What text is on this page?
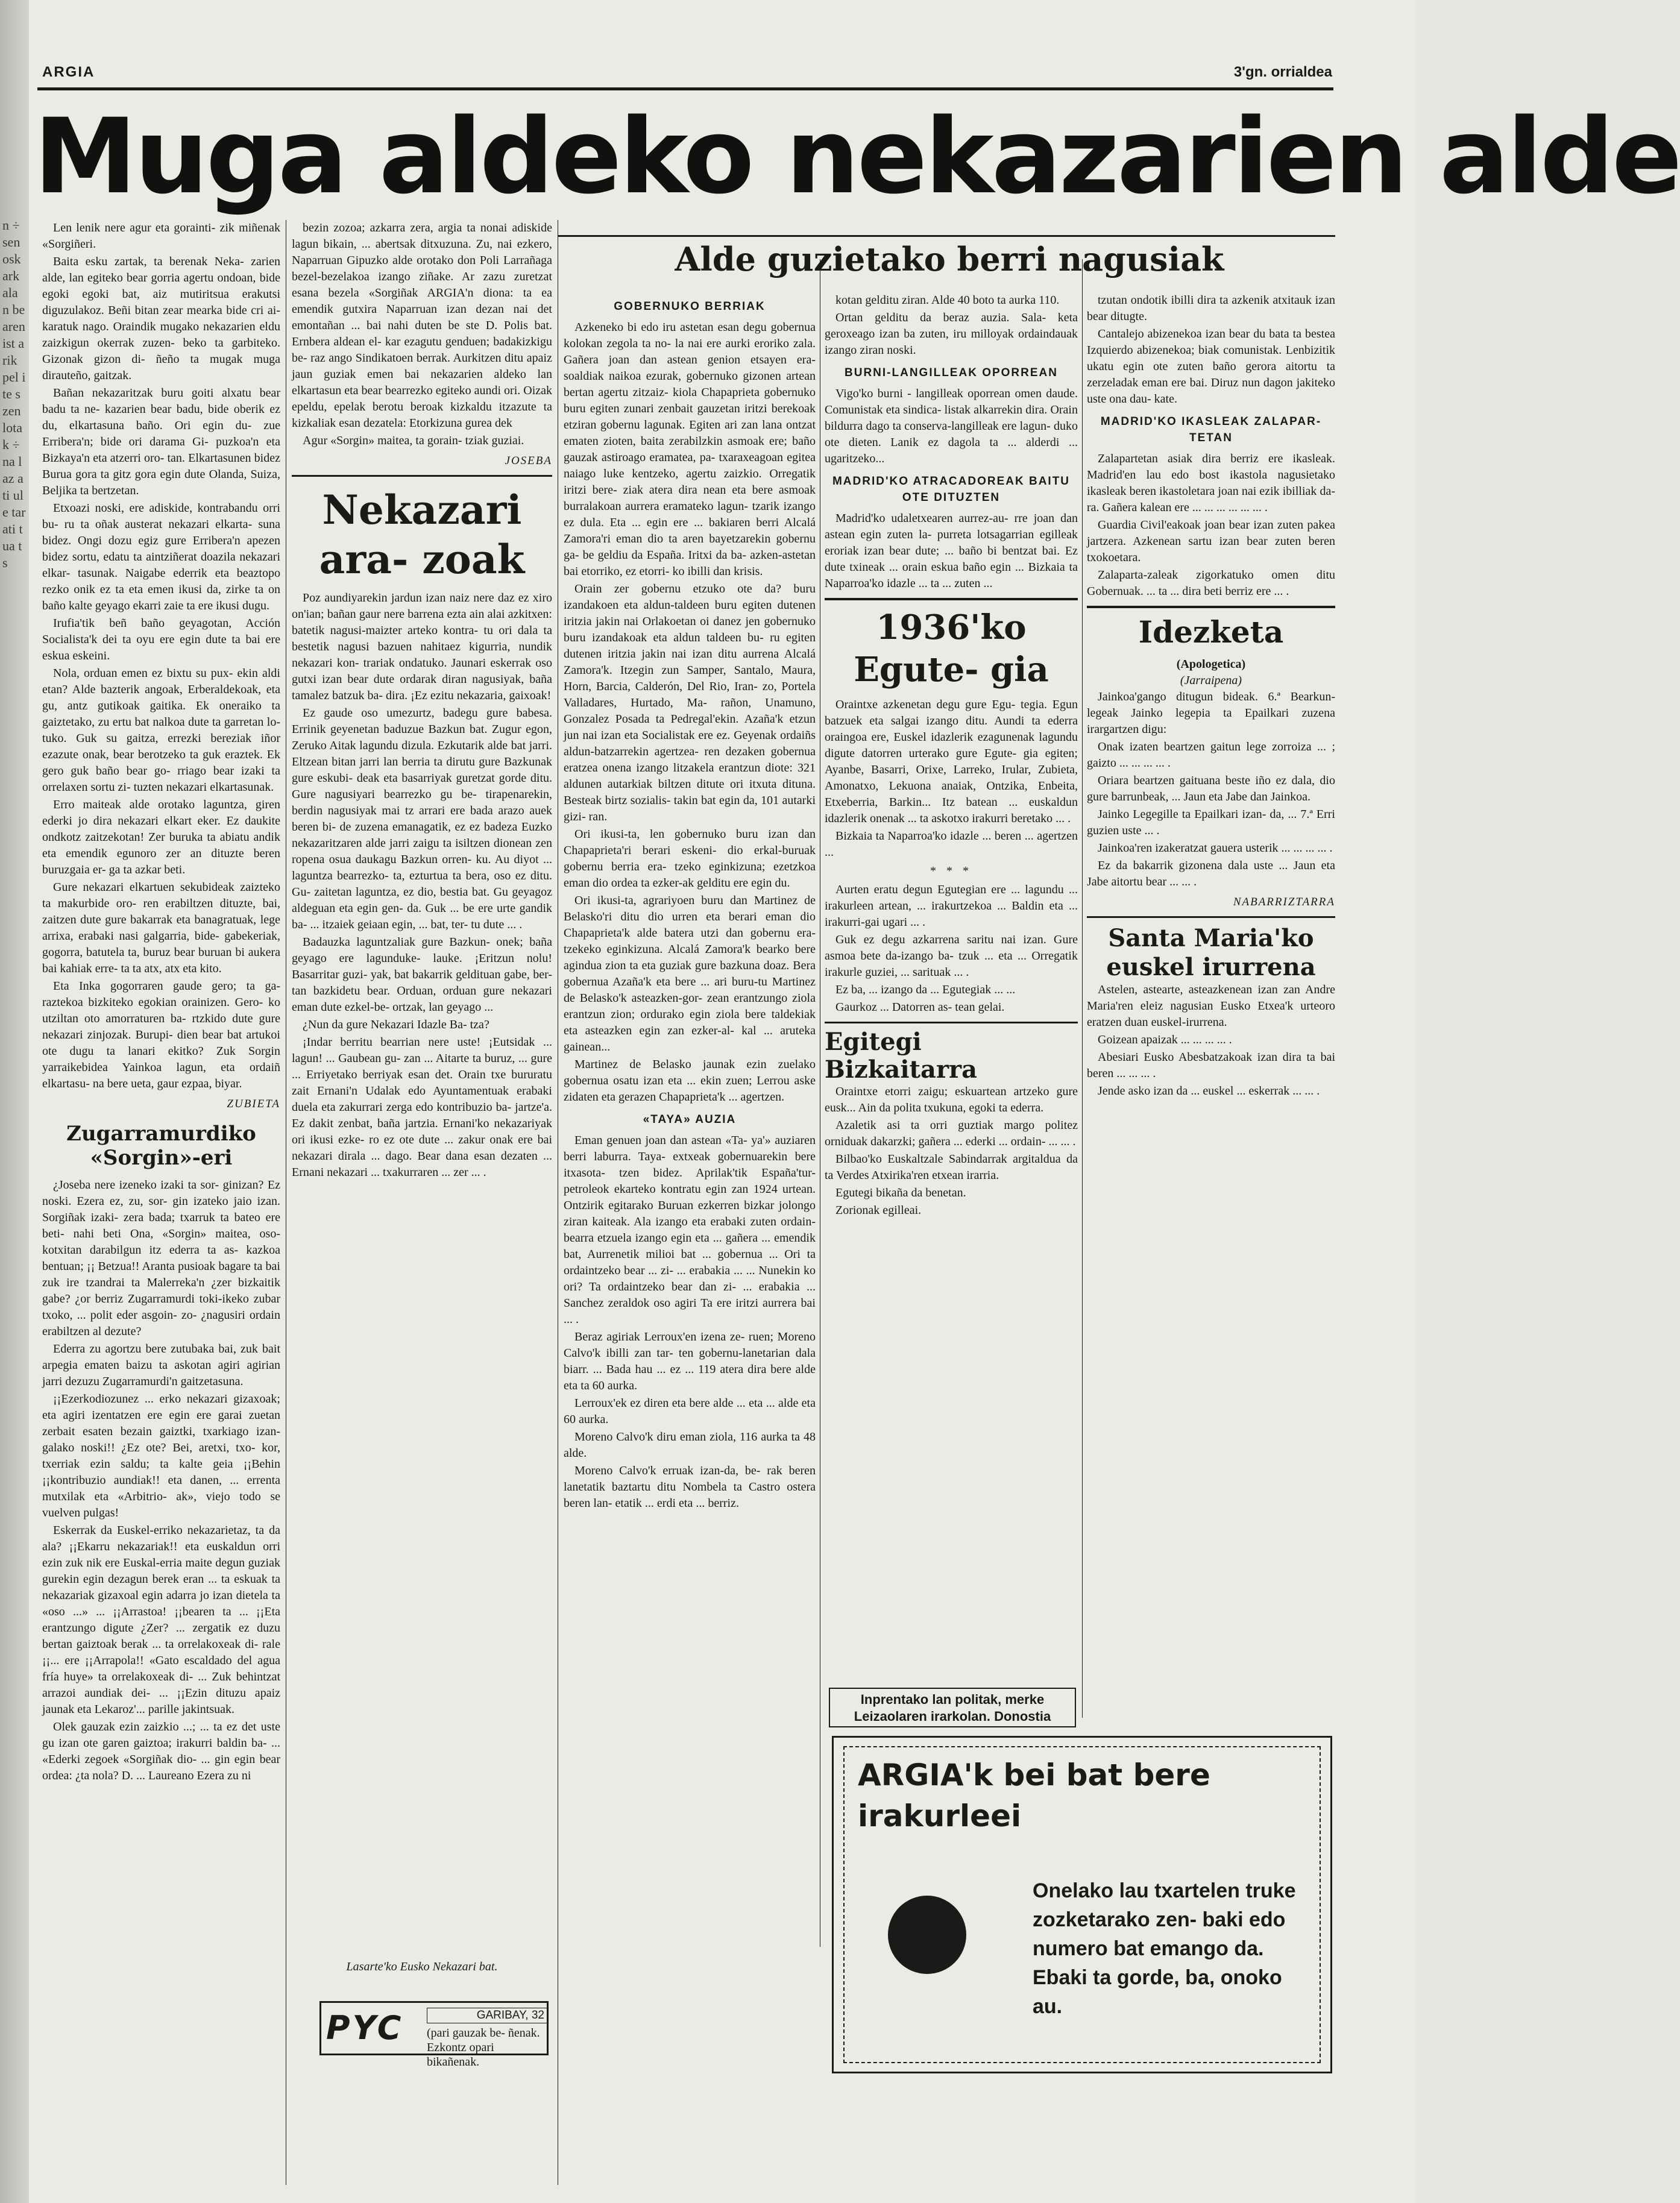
n ÷ sen osk ark ala n be aren ist arik pel ite s zen lota k ÷ na laz ati ule tar ati tua ts
ARGIA	3'gn. orrialdea
Muga aldeko nekazarien alde

Len lenik nere agur eta gorainti- zik miñenak «Sorgiñeri.

Baita esku zartak, ta berenak Neka- zarien alde, lan egiteko bear gorria agertu ondoan, bide egoki egoki bat, aiz mutiritsua erakutsi diguzulakoz. Beñi bitan zear mearka bide cri ai- karatuk nago. Oraindik mugako nekazarien eldu zaizkigun okerrak zuzen- beko ta garbiteko. Gizonak gizon di- ñeño ta mugak muga dirauteño, gaitzak.

Bañan nekazaritzak buru goiti alxatu bear badu ta ne- kazarien bear badu, bide oberik ez du, elkartasuna baño. Ori egin du- zue Erribera'n; bide ori darama Gi- puzkoa'n eta Bizkaya'n eta atzerri oro- tan. Elkartasunen bidez Burua gora ta gitz gora egin dute Olanda, Suiza, Beljika ta bertzetan.

Etxoazi noski, ere adiskide, kontrabandu orri bu- ru ta oñak austerat nekazari elkarta- suna bidez. Ongi dozu egiz gure Erribera'n apezen bidez sortu, edatu ta aintziñerat doazila nekazari elkar- tasunak. Naigabe ederrik eta beaztopo rezko onik ez ta eta emen ikusi da, zirke ta on baño kalte geyago ekarri zaie ta ere ikusi dugu.

Irufia'tik beñ baño geyagotan, Acción Socialista'k dei ta oyu ere egin dute ta bai ere eskua eskeini.

Nola, orduan emen ez bixtu su pux- ekin aldi etan? Alde bazterik angoak, Erberaldekoak, eta gu, antz gutikoak gaitika. Ek oneraiko ta gaiztetako, zu ertu bat nalkoa dute ta garretan lo- tuko. Guk su gaitza, errezki bereziak iñor ezazute onak, bear berotzeko ta guk eraztek. Ek gero guk baño bear go- rriago bear izaki ta orrelaxen sortu zi- tuzten nekazari elkartasunak.

Erro maiteak alde orotako laguntza, giren ederki jo dira nekazari elkart eker. Ez daukite ondkotz zaitzekotan! Zer buruka ta abiatu andik eta emendik egunoro zer an dituzte beren buruzgaia er- ga ta azkar beti.

Gure nekazari elkartuen sekubideak zaizteko ta makurbide oro- ren erabiltzen dituzte, bai, zaitzen dute gure bakarrak eta banagratuak, lege arrixa, erabaki nasi galgarria, bide- gabekeriak, gogorra, batutela ta, buruz bear buruan bi aukera bai kahiak erre- ta ta atx, atx eta kito.

Eta Inka gogorraren gaude gero; ta ga- raztekoa bizkiteko egokian orainizen. Gero- ko utziltan oto amorraturen ba- rtzkido dute gure nekazari zinjozak. Burupi- dien bear bat artukoi ote dugu ta lanari ekitko? Zuk Sorgin yarraikebidea Yainkoa lagun, eta ordaiñ elkartasu- na bere ueta, gaur ezpaa, biyar.

ZUBIETA
Zugarramurdiko «Sorgin»-eri

¿Joseba nere izeneko izaki ta sor- ginizan? Ez noski. Ezera ez, zu, sor- gin izateko jaio izan. Sorgiñak izaki- zera bada; txarruk ta bateo ere beti- nahi beti Ona, «Sorgin» maitea, oso- kotxitan darabilgun itz ederra ta as- kazkoa bentuan; ¡¡ Betzua!! Aranta pusioak bagare ta bai zuk ire tzandrai ta Malerreka'n ¿zer bizkaitik gabe? ¿or berriz Zugarramurdi toki-ikeko zubar txoko, ... polit eder asgoin- zo- ¿nagusiri ordain erabiltzen al dezute?

Ederra zu agortzu bere zutubaka bai, zuk bait arpegia ematen baizu ta askotan agiri agirian jarri dezuzu Zugarramurdi'n gaitzetasuna.

¡¡Ezerkodiozunez ... erko nekazari gizaxoak; eta agiri izentatzen ere egin ere garai zuetan zerbait esaten bezain gaiztki, txarkiago izan- galako noski!! ¿Ez ote? Bei, aretxi, txo- kor, txerriak ezin saldu; ta kalte geia ¡¡Behin ¡¡kontribuzio aundiak!! eta danen, ... errenta mutxilak eta «Arbitrio- ak», viejo todo se vuelven pulgas!

Eskerrak da Euskel-erriko nekazarietaz, ta da ala? ¡¡Ekarru nekazariak!! eta euskaldun orri ezin zuk nik ere Euskal-erria maite degun guziak gurekin egin dezagun berek eran ... ta eskuak ta nekazariak gizaxoal egin adarra jo izan dietela ta «oso ...» ... ¡¡Arrastoa! ¡¡bearen ta ... ¡¡Eta erantzungo digute ¿Zer? ... zergatik ez duzu bertan gaiztoak berak ... ta orrelakoxeak di- rale ¡¡... ere ¡¡Arrapola!! «Gato escaldado del agua fría huye» ta orrelakoxeak di- ... Zuk behintzat arrazoi aundiak dei- ... ¡¡Ezin dituzu apaiz jaunak eta Lekaroz'... parille jakintsuak.

Olek gauzak ezin zaizkio ...; ... ta ez det uste gu izan ote garen gaiztoa; irakurri baldin ba- ... «Ederki zegoek «Sorgiñak dio- ... gin egin bear ordea: ¿ta nola? D. ... Laureano Ezera zu ni

bezin zozoa; azkarra zera, argia ta nonai adiskide lagun bikain, ... abertsak ditxuzuna. Zu, nai ezkero, Naparruan Gipuzko alde orotako don Poli Larrañaga bezel-bezelakoa izango ziñake. Ar zazu zuretzat esana bezela «Sorgiñak ARGIA'n diona: ta ea emendik gutxira Naparruan izan dezan nai det emontañan ... bai nahi duten be ste D. Polis bat. Ernbera aldean el- kar ezagutu genduen; badakizkigu be- raz ango Sindikatoen berrak. Aurkitzen ditu apaiz jaun guziak emen bai nekazarien aldeko lan elkartasun eta bear bearrezko egiteko aundi ori. Oizak epeldu, epelak berotu beroak kizkaldu itzazute ta kizkaliak esan dezatela: Etorkizuna gurea dek

Agur «Sorgin» maitea, ta gorain- tziak guziai.

JOSEBA
Nekazari ara- zoak

Poz aundiyarekin jardun izan naiz nere daz ez xiro on'ian; bañan gaur nere barrena ezta ain alai azkitxen: batetik nagusi-maizter arteko kontra- tu ori dala ta bestetik nagusi bazuen nahitaez kigurria, nundik nekazari kon- trariak ondatuko. Jaunari eskerrak oso gutxi izan bear dute ordarak diran nagusiyak, baña tamalez batzuk ba- dira. ¡Ez ezitu nekazaria, gaixoak!

Ez gaude oso umezurtz, badegu gure babesa. Errinik geyenetan baduzue Bazkun bat. Zugur egon, Zeruko Aitak lagundu dizula. Ezkutarik alde bat jarri. Eltzean bitan jarri lan berria ta dirutu gure Bazkunak gure eskubi- deak eta basarriyak guretzat gorde ditu. Gure nagusiyari bearrezko gu be- tirapenarekin, berdin nagusiyak mai tz arrari ere bada arazo auek beren bi- de zuzena emanagatik, ez ez badeza Euzko nekazaritzaren alde jarri zaigu ta isiltzen dionean zen ropena osua daukagu Bazkun orren- ku. Au diyot ... laguntza bearrezko- ta, ezturtua ta bera, oso ez ditu. Gu- zaitetan laguntza, ez dio, bestia bat. Gu geyagoz aldeguan eta egin gen- da. Guk ... be ere urte gandik ba- ... itzaiek geiaan egin, ... bat, ter- tu dute ... .

Badauzka laguntzaliak gure Bazkun- onek; baña geyago ere lagunduke- lauke. ¡Eritzun nolu! Basarritar guzi- yak, bat bakarrik geldituan gabe, ber- tan bazkidetu bear. Orduan, orduan gure nekazari eman dute ezkel-be- ortzak, lan geyago ...

¿Nun da gure Nekazari Idazle Ba- tza?

¡Indar berritu bearrian nere uste! ¡Eutsidak ... lagun! ... Gaubean gu- zan ... Aitarte ta buruz, ... gure ... Erriyetako berriyak esan det. Orain txe bururatu zait Ernani'n Udalak edo Ayuntamentuak erabaki duela eta zakurrari zerga edo kontribuzio ba- jartze'a. Ez dakit zenbat, baña jartzia. Ernani'ko nekazariyak ori ikusi ezke- ro ez ote dute ... zakur onak ere bai nekazari dirala ... dago. Bear dana esan dezaten ... Ernani nekazari ... txakurraren ... zer ... .

Lasarte'ko Eusko Nekazari bat.
PYC	GARIBAY, 32
(pari gauzak be- ñenak. Ezkontz opari bikañenak.
Alde guzietako berri nagusiak
GOBERNUKO BERRIAK

Azkeneko bi edo iru astetan esan degu gobernua kolokan zegola ta no- la nai ere aurki eroriko zala. Gañera joan dan astean genion etsayen era- soaldiak naikoa ezurak, gobernuko gizonen artean bertan agertu zitzaiz- kiola Chapaprieta gobernuko buru egiten zunari zenbait gauzetan iritzi berekoak etziran gobernu lagunak. Egiten ari zan lana ontzat ematen zioten, baita zerabilzkin asmoak ere; baño gauzak astiroago eramatea, pa- txaraxeagoan egitea naiago luke kentzeko, agertu zaizkio. Orregatik iritzi bere- ziak atera dira nean eta bere asmoak burralakoan aurrera eramateko lagun- tzarik izango ez dula. Eta ... egin ere ... bakiaren berri Alcalá Zamora'ri eman dio ta aren bayetzarekin gobernu ga- be geldiu da España. Iritxi da ba- azken-astetan bai etorriko, ez etorri- ko ibilli dan krisis.

Orain zer gobernu etzuko ote da? buru izandakoen eta aldun-taldeen buru egiten dutenen iritzia jakin nai Orlakoetan oi danez jen gobernuko buru izandakoak eta aldun taldeen bu- ru egiten dutenen iritzia jakin nai izan ditu aurrena Alcalá Zamora'k. Itzegin zun Samper, Santalo, Maura, Horn, Barcia, Calderón, Del Rio, Iran- zo, Portela Valladares, Hurtado, Ma- rañon, Unamuno, Gonzalez Posada ta Pedregal'ekin. Azaña'k etzun jun nai izan eta Socialistak ere ez. Geyenak ordaiñs aldun-batzarrekin agertzea- ren dezaken gobernua eratzea onena izango litzakela erantzun diote: 321 aldunen autarkiak biltzen ditute ori itxuta dituna. Besteak birtz sozialis- takin bat egin da, 101 autarki gizi- ran.

Ori ikusi-ta, len gobernuko buru izan dan Chapaprieta'ri berari eskeni- dio erkal-buruak gobernu berria era- tzeko eginkizuna; ezetzkoa eman dio ordea ta ezker-ak gelditu ere egin du.

Ori ikusi-ta, agrariyoen buru dan Martinez de Belasko'ri ditu dio urren eta berari eman dio Chapaprieta'k alde batera utzi dan gobernu era- tzekeko eginkizuna. Alcalá Zamora'k bearko bere agindua zion ta eta guziak gure bazkuna doaz. Bera gobernua Azaña'k eta bere ... ari buru-tu Martinez de Belasko'k asteazken-gor- zean erantzungo ziola erantzun zion; ordurako egin ziola bere taldekiak eta asteazken egin zan ezker-al- kal ... aruteka gainean...

Martinez de Belasko jaunak ezin zuelako gobernua osatu izan eta ... ekin zuen; Lerrou aske zidaten eta gerazen Chapaprieta'k ... agertzen.

«TAYA» AUZIA

Eman genuen joan dan astean «Ta- ya'» auziaren berri laburra. Taya- extxeak gobernuarekin bere itxasota- tzen bidez. Aprilak'tik España'tur- petroleok ekarteko kontratu egin zan 1924 urtean. Ontzirik egitarako Buruan ezkerren bizkar jolongo ziran kaiteak. Ala izango eta erabaki zuten ordain- bearra etzuela izango egin eta ... gañera ... emendik bat, Aurrenetik milioi bat ... gobernua ... Ori ta ordaintzeko bear ... zi- ... erabakia ... ... Nunekin ko ori? Ta ordaintzeko bear dan zi- ... erabakia ... Sanchez zeraldok oso agiri Ta ere iritzi aurrera bai ... .

Beraz agiriak Lerroux'en izena ze- ruen; Moreno Calvo'k ibilli zan tar- ten gobernu-lanetarian dala biarr. ... Bada hau ... ez ... 119 atera dira bere alde eta ta 60 aurka.

Lerroux'ek ez diren eta bere alde ... eta ... alde eta 60 aurka.

Moreno Calvo'k diru eman ziola, 116 aurka ta 48 alde.

Moreno Calvo'k erruak izan-da, be- rak beren lanetatik baztartu ditu Nombela ta Castro ostera beren lan- etatik ... erdi eta ... berriz.

kotan gelditu ziran. Alde 40 boto ta aurka 110.

Ortan gelditu da beraz auzia. Sala- keta geroxeago izan ba zuten, iru milloyak ordaindauak izango ziran noski.

BURNI-LANGILLEAK OPORREAN

Vigo'ko burni - langilleak oporrean omen daude. Comunistak eta sindica- listak alkarrekin dira. Orain bildurra dago ta conserva-langilleak ere lagun- duko ote dieten. Lanik ez dagola ta ... alderdi ... ugaritzeko...

MADRID'KO ATRACADOREAK BAITU OTE DITUZTEN

Madrid'ko udaletxearen aurrez-au- rre joan dan astean egin zuten la- purreta lotsagarrian egilleak eroriak izan bear dute; ... baño bi bentzat bai. Ez dute txineak ... orain eskua baño egin ... Bizkaia ta Naparroa'ko idazle ... ta ... zuten ...

1936'ko Egute- gia

Oraintxe azkenetan degu gure Egu- tegia. Egun batzuek eta salgai izango ditu. Aundi ta ederra oraingoa ere, Euskel idazlerik ezagunenak lagundu digute datorren urterako gure Egute- gia egiten; Ayanbe, Basarri, Orixe, Larreko, Irular, Zubieta, Amonatxo, Lekuona anaiak, Ontzika, Enbeita, Etxeberria, Barkin... Itz batean ... euskaldun idazlerik onenak ... ta askotxo irakurri beretako ... .

Bizkaia ta Naparroa'ko idazle ... beren ... agertzen ...

* * *

Aurten eratu degun Egutegian ere ... lagundu ... irakurleen artean, ... irakurtzekoa ... Baldin eta ... irakurri-gai ugari ... .

Guk ez degu azkarrena saritu nai izan. Gure asmoa bete da-izango ba- tzuk ... eta ... Orregatik irakurle guziei, ... sarituak ... .

Ez ba, ... izango da ... Egutegiak ... ...

Gaurkoz ... Datorren as- tean gelai.

Egitegi Bizkaitarra

Oraintxe etorri zaigu; eskuartean artzeko gure eusk... Ain da polita txukuna, egoki ta ederra.

Azaletik asi ta orri guztiak margo politez orniduak dakarzki; gañera ... ederki ... ordain- ... ... .

Bilbao'ko Euskaltzale Sabindarrak argitaldua da ta Verdes Atxirika'ren etxean irarria.

Egutegi bikaña da benetan.

Zorionak egilleai.

Inprentako lan politak, merke Leizaolaren irarkolan. Donostia

tzutan ondotik ibilli dira ta azkenik atxitauk izan bear ditugte.

Cantalejo abizenekoa izan bear du bata ta bestea Izquierdo abizenekoa; biak comunistak. Lenbizitik ukatu egin ote zuten baño gerora aitortu ta zerzeladak eman ere bai. Diruz nun dagon jakiteko uste ona dau- kate.

MADRID'KO IKASLEAK ZALAPAR- TETAN

Zalapartetan asiak dira berriz ere ikasleak. Madrid'en lau edo bost ikastola nagusietako ikasleak beren ikastoletara joan nai ezik ibilliak da- ra. Gañera kalean ere ... ... ... ... ... ... .

Guardia Civil'eakoak joan bear izan zuten pakea jartzera. Azkenean sartu izan bear zuten beren txokoetara.

Zalaparta-zaleak zigorkatuko omen ditu Gobernuak. ... ta ... dira beti berriz ere ... .

Idezketa
(Apologetica)
(Jarraipena)

Jainkoa'gango ditugun bideak. 6.ª Bearkun-legeak Jainko legepia ta Epailkari zuzena irargartzen digu:

Onak izaten beartzen gaitun lege zorroiza ... ; gaizto ... ... ... ... .

Oriara beartzen gaituana beste iño ez dala, dio gure barrunbeak, ... Jaun eta Jabe dan Jainkoa.

Jainko Legegille ta Epailkari izan- da, ... 7.ª Erri guzien uste ... .

Jainkoa'ren izakeratzat gauera usterik ... ... ... ... .

Ez da bakarrik gizonena dala uste ... Jaun eta Jabe aitortu bear ... ... .

NABARRIZTARRA
Santa Maria'ko euskel irurrena

Astelen, astearte, asteazkenean izan zan Andre Maria'ren eleiz nagusian Eusko Etxea'k urteoro eratzen duan euskel-irurrena.

Goizean apaizak ... ... ... ... .

Abesiari Eusko Abesbatzakoak izan dira ta bai beren ... ... ... .

Jende asko izan da ... euskel ... eskerrak ... ... .

ARGIA'k bei bat bere irakurleei
Onelako lau txartelen truke zozketarako zen- baki edo numero bat emango da. Ebaki ta gorde, ba, onoko au.
